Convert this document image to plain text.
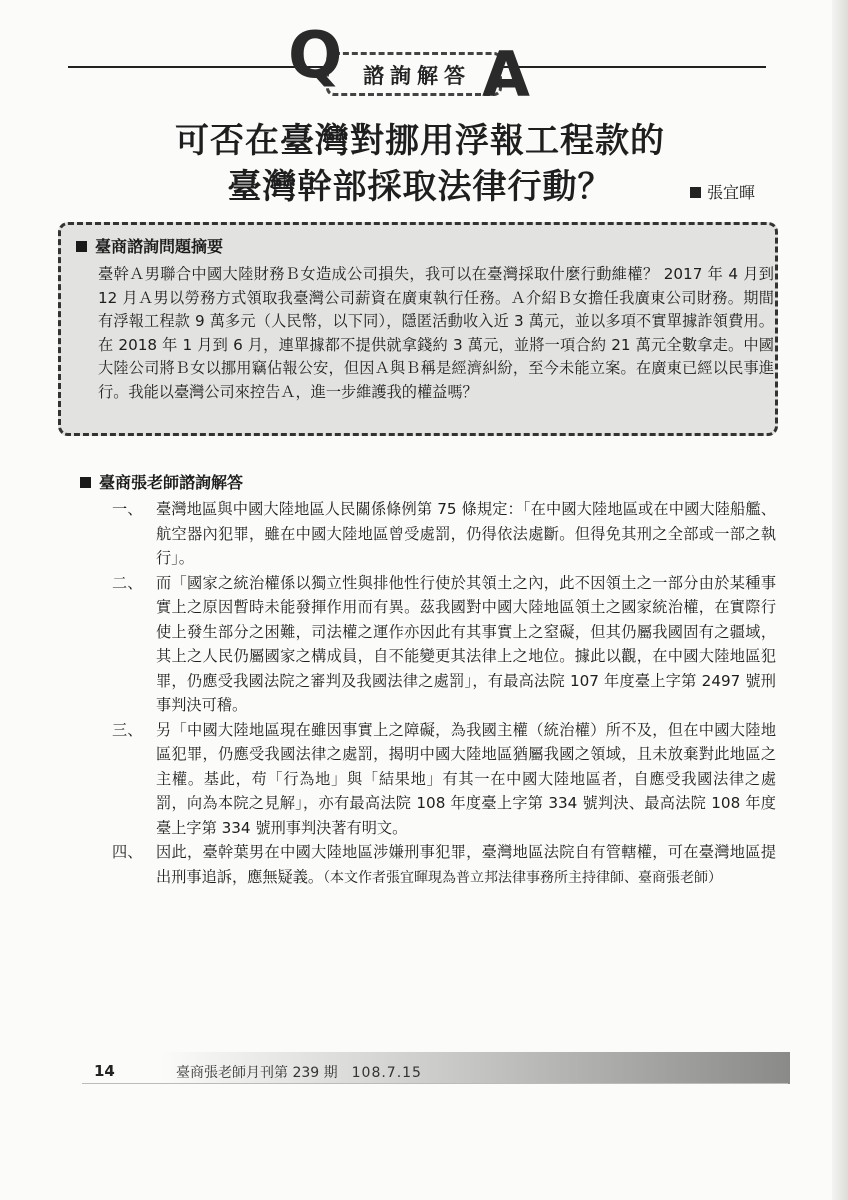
Q A
諮詢解答
可否在臺灣對挪用浮報工程款的
臺灣幹部採取法律行動？	張宜暉
臺商諮詢問題摘要
臺幹Ａ男聯合中國大陸財務Ｂ女造成公司損失，我可以在臺灣採取什麼行動維權？ 2017 年 4 月到 12 月Ａ男以勞務方式領取我臺灣公司薪資在廣東執行任務。Ａ介紹Ｂ女擔任我廣東公司財務。期間有浮報工程款 9 萬多元（人民幣，以下同），隱匿活動收入近 3 萬元，並以多項不實單據詐領費用。在 2018 年 1 月到 6 月，連單據都不提供就拿錢約 3 萬元，並將一項合約 21 萬元全數拿走。中國大陸公司將Ｂ女以挪用竊佔報公安，但因Ａ與Ｂ稱是經濟糾紛，至今未能立案。在廣東已經以民事進行。我能以臺灣公司來控告Ａ，進一步維護我的權益嗎？
臺商張老師諮詢解答
一、 臺灣地區與中國大陸地區人民關係條例第 75 條規定：「在中國大陸地區或在中國大陸船艦、航空器內犯罪，雖在中國大陸地區曾受處罰，仍得依法處斷。但得免其刑之全部或一部之執行」。
二、 而「國家之統治權係以獨立性與排他性行使於其領土之內，此不因領土之一部分由於某種事實上之原因暫時未能發揮作用而有異。茲我國對中國大陸地區領土之國家統治權，在實際行使上發生部分之困難，司法權之運作亦因此有其事實上之窒礙，但其仍屬我國固有之疆域，其上之人民仍屬國家之構成員，自不能變更其法律上之地位。據此以觀，在中國大陸地區犯罪，仍應受我國法院之審判及我國法律之處罰」，有最高法院 107 年度臺上字第 2497 號刑事判決可稽。
三、 另「中國大陸地區現在雖因事實上之障礙，為我國主權（統治權）所不及，但在中國大陸地區犯罪，仍應受我國法律之處罰，揭明中國大陸地區猶屬我國之領域，且未放棄對此地區之主權。基此，苟「行為地」與「結果地」有其一在中國大陸地區者，自應受我國法律之處罰，向為本院之見解」，亦有最高法院 108 年度臺上字第 334 號判決、最高法院 108 年度臺上字第 334 號刑事判決著有明文。
四、 因此，臺幹葉男在中國大陸地區涉嫌刑事犯罪，臺灣地區法院自有管轄權，可在臺灣地區提出刑事追訴，應無疑義。（本文作者張宜暉現為普立邦法律事務所主持律師、臺商張老師）
14	臺商張老師月刊第 239 期 108.7.15
